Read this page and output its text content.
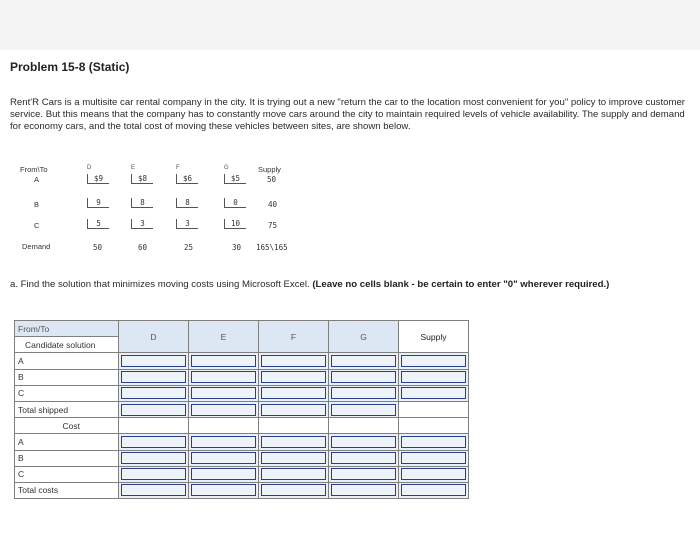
Problem 15-8 (Static)
Rent'R Cars is a multisite car rental company in the city. It is trying out a new "return the car to the location most convenient for you" policy to improve customer service. But this means that the company has to constantly move cars around the city to maintain required levels of vehicle availability. The supply and demand for economy cars, and the total cost of moving these vehicles between sites, are shown below.
From\To	D	E	F	G	Supply
A	$9	$8	$6	$5	50
B	9	8	8	0	40
C	5	3	3	10	75
Demand	50	60	25	30 165\165
a. Find the solution that minimizes moving costs using Microsoft Excel. (Leave no cells blank - be certain to enter "0" wherever required.)
From/To	D	E	F	G	Supply
Candidate solution					
A	

B	

C	

Total shipped	

Cost					
A	

B	

C	

Total costs	
